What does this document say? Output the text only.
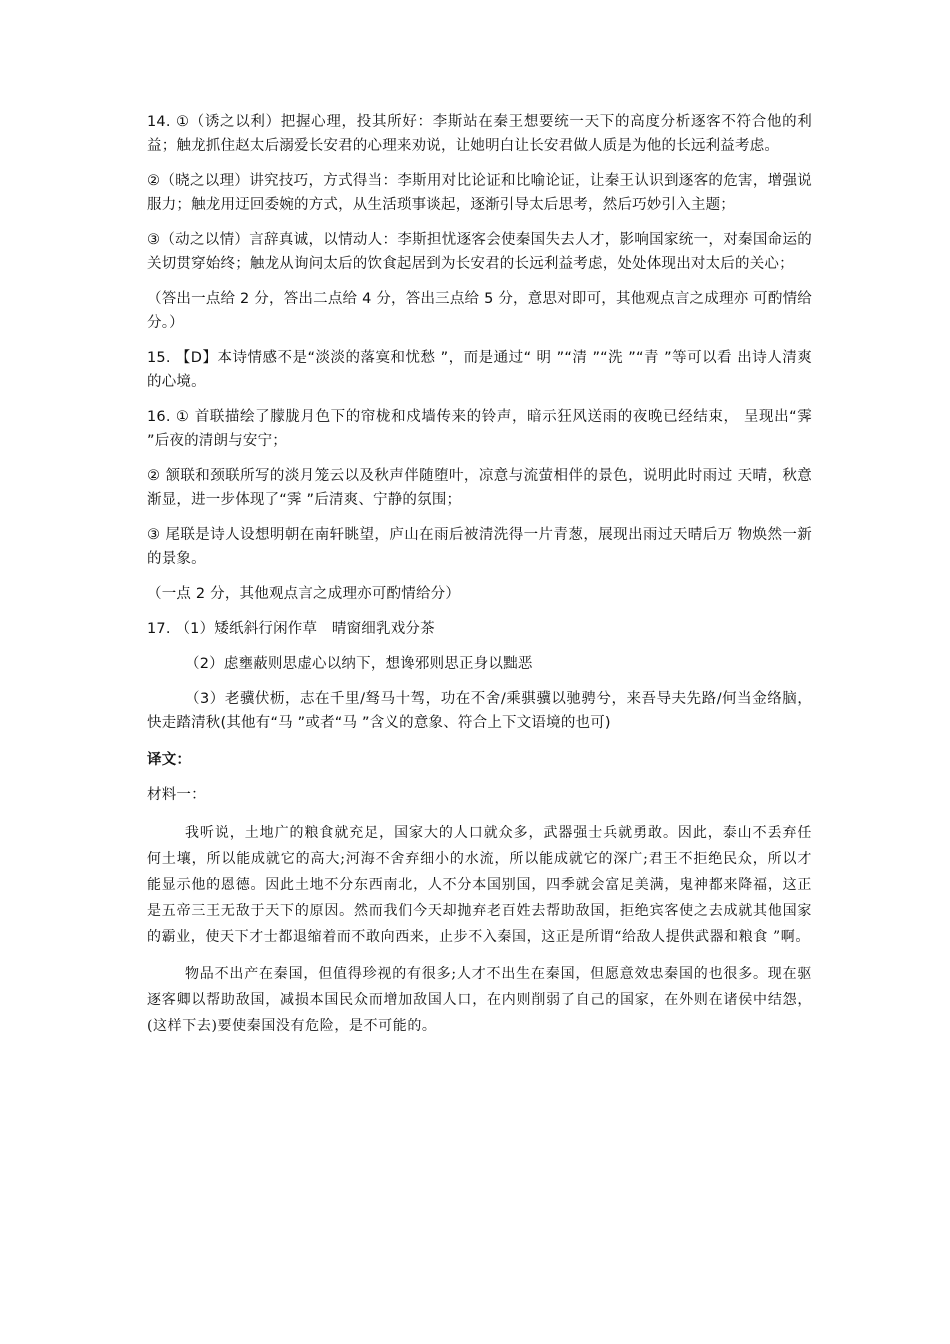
14. ①（诱之以利）把握心理，投其所好：李斯站在秦王想要统一天下的高度分析逐客不符合他的利益；触龙抓住赵太后溺爱长安君的心理来劝说，让她明白让长安君做人质是为他的长远利益考虑。

②（晓之以理）讲究技巧，方式得当：李斯用对比论证和比喻论证，让秦王认识到逐客的危害，增强说服力；触龙用迂回委婉的方式，从生活琐事谈起，逐渐引导太后思考，然后巧妙引入主题；

③（动之以情）言辞真诚，以情动人：李斯担忧逐客会使秦国失去人才，影响国家统一，对秦国命运的关切贯穿始终；触龙从询问太后的饮食起居到为长安君的长远利益考虑，处处体现出对太后的关心；

（答出一点给 2 分，答出二点给 4 分，答出三点给 5 分，意思对即可，其他观点言之成理亦 可酌情给分。）

15. 【D】本诗情感不是“淡淡的落寞和忧愁 ”，而是通过“ 明 ”“清 ”“洗 ”“青 ”等可以看 出诗人清爽的心境。

16. ① 首联描绘了朦胧月色下的帘栊和戍墙传来的铃声，暗示狂风送雨的夜晚已经结束， 呈现出“霁 ”后夜的清朗与安宁；

② 颔联和颈联所写的淡月笼云以及秋声伴随堕叶，凉意与流萤相伴的景色，说明此时雨过 天晴，秋意渐显，进一步体现了“霁 ”后清爽、宁静的氛围；

③ 尾联是诗人设想明朝在南轩眺望，庐山在雨后被清洗得一片青葱，展现出雨过天晴后万 物焕然一新的景象。

（一点 2 分，其他观点言之成理亦可酌情给分）

17. （1）矮纸斜行闲作草　晴窗细乳戏分茶

（2）虑壅蔽则思虚心以纳下，想谗邪则思正身以黜恶

（3）老骥伏枥，志在千里/驽马十驾，功在不舍/乘骐骥以驰骋兮，来吾导夫先路/何当金络脑，快走踏清秋(其他有“马 ”或者“马 ”含义的意象、符合上下文语境的也可)

译文：

材料一：

我听说，土地广的粮食就充足，国家大的人口就众多，武器强士兵就勇敢。因此，泰山不丢弃任何土壤，所以能成就它的高大;河海不舍弃细小的水流，所以能成就它的深广;君王不拒绝民众，所以才能显示他的恩德。因此土地不分东西南北，人不分本国别国，四季就会富足美满，鬼神都来降福，这正是五帝三王无敌于天下的原因。然而我们今天却抛弃老百姓去帮助敌国，拒绝宾客使之去成就其他国家的霸业，使天下才士都退缩着而不敢向西来，止步不入秦国，这正是所谓“给敌人提供武器和粮食 ”啊。

物品不出产在秦国，但值得珍视的有很多;人才不出生在秦国，但愿意效忠秦国的也很多。现在驱逐客卿以帮助敌国，减损本国民众而增加敌国人口，在内则削弱了自己的国家，在外则在诸侯中结怨， (这样下去)要使秦国没有危险，是不可能的。
